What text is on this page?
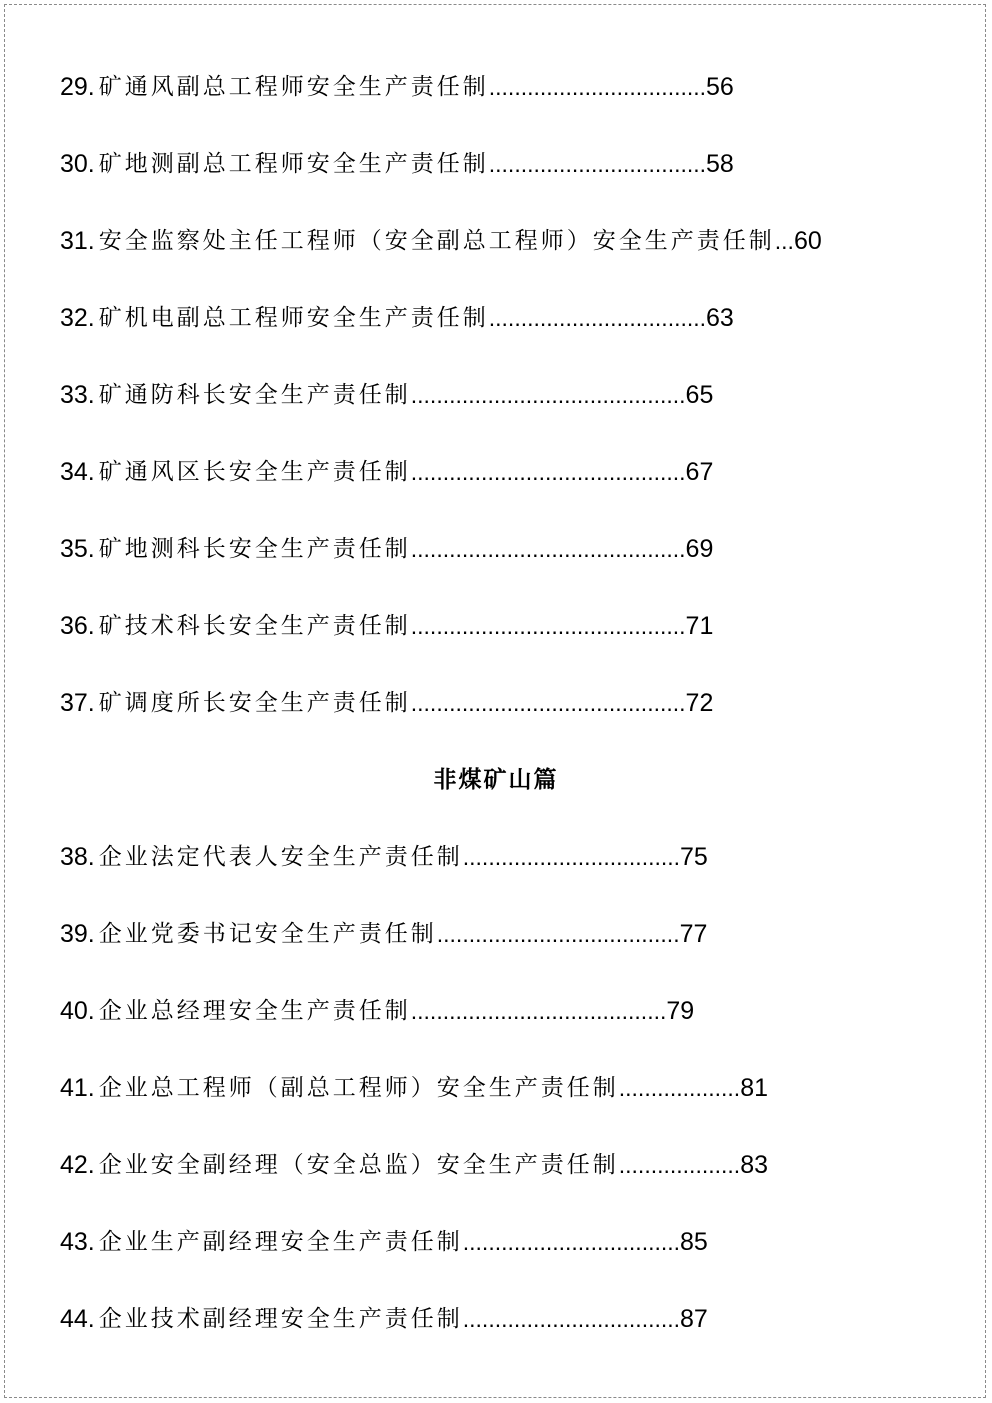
29. 矿通风副总工程师安全生产责任制 .................................. 56
30. 矿地测副总工程师安全生产责任制 .................................. 58
31. 安全监察处主任工程师（安全副总工程师）安全生产责任制 ... 60
32. 矿机电副总工程师安全生产责任制 .................................. 63
33. 矿通防科长安全生产责任制 ........................................... 65
34. 矿通风区长安全生产责任制 ........................................... 67
35. 矿地测科长安全生产责任制 ........................................... 69
36. 矿技术科长安全生产责任制 ........................................... 71
37. 矿调度所长安全生产责任制 ........................................... 72
非煤矿山篇
38. 企业法定代表人安全生产责任制 .................................. 75
39. 企业党委书记安全生产责任制 ...................................... 77
40. 企业总经理安全生产责任制 ........................................ 79
41. 企业总工程师（副总工程师）安全生产责任制 ................... 81
42. 企业安全副经理（安全总监）安全生产责任制 ................... 83
43. 企业生产副经理安全生产责任制 .................................. 85
44. 企业技术副经理安全生产责任制 .................................. 87
